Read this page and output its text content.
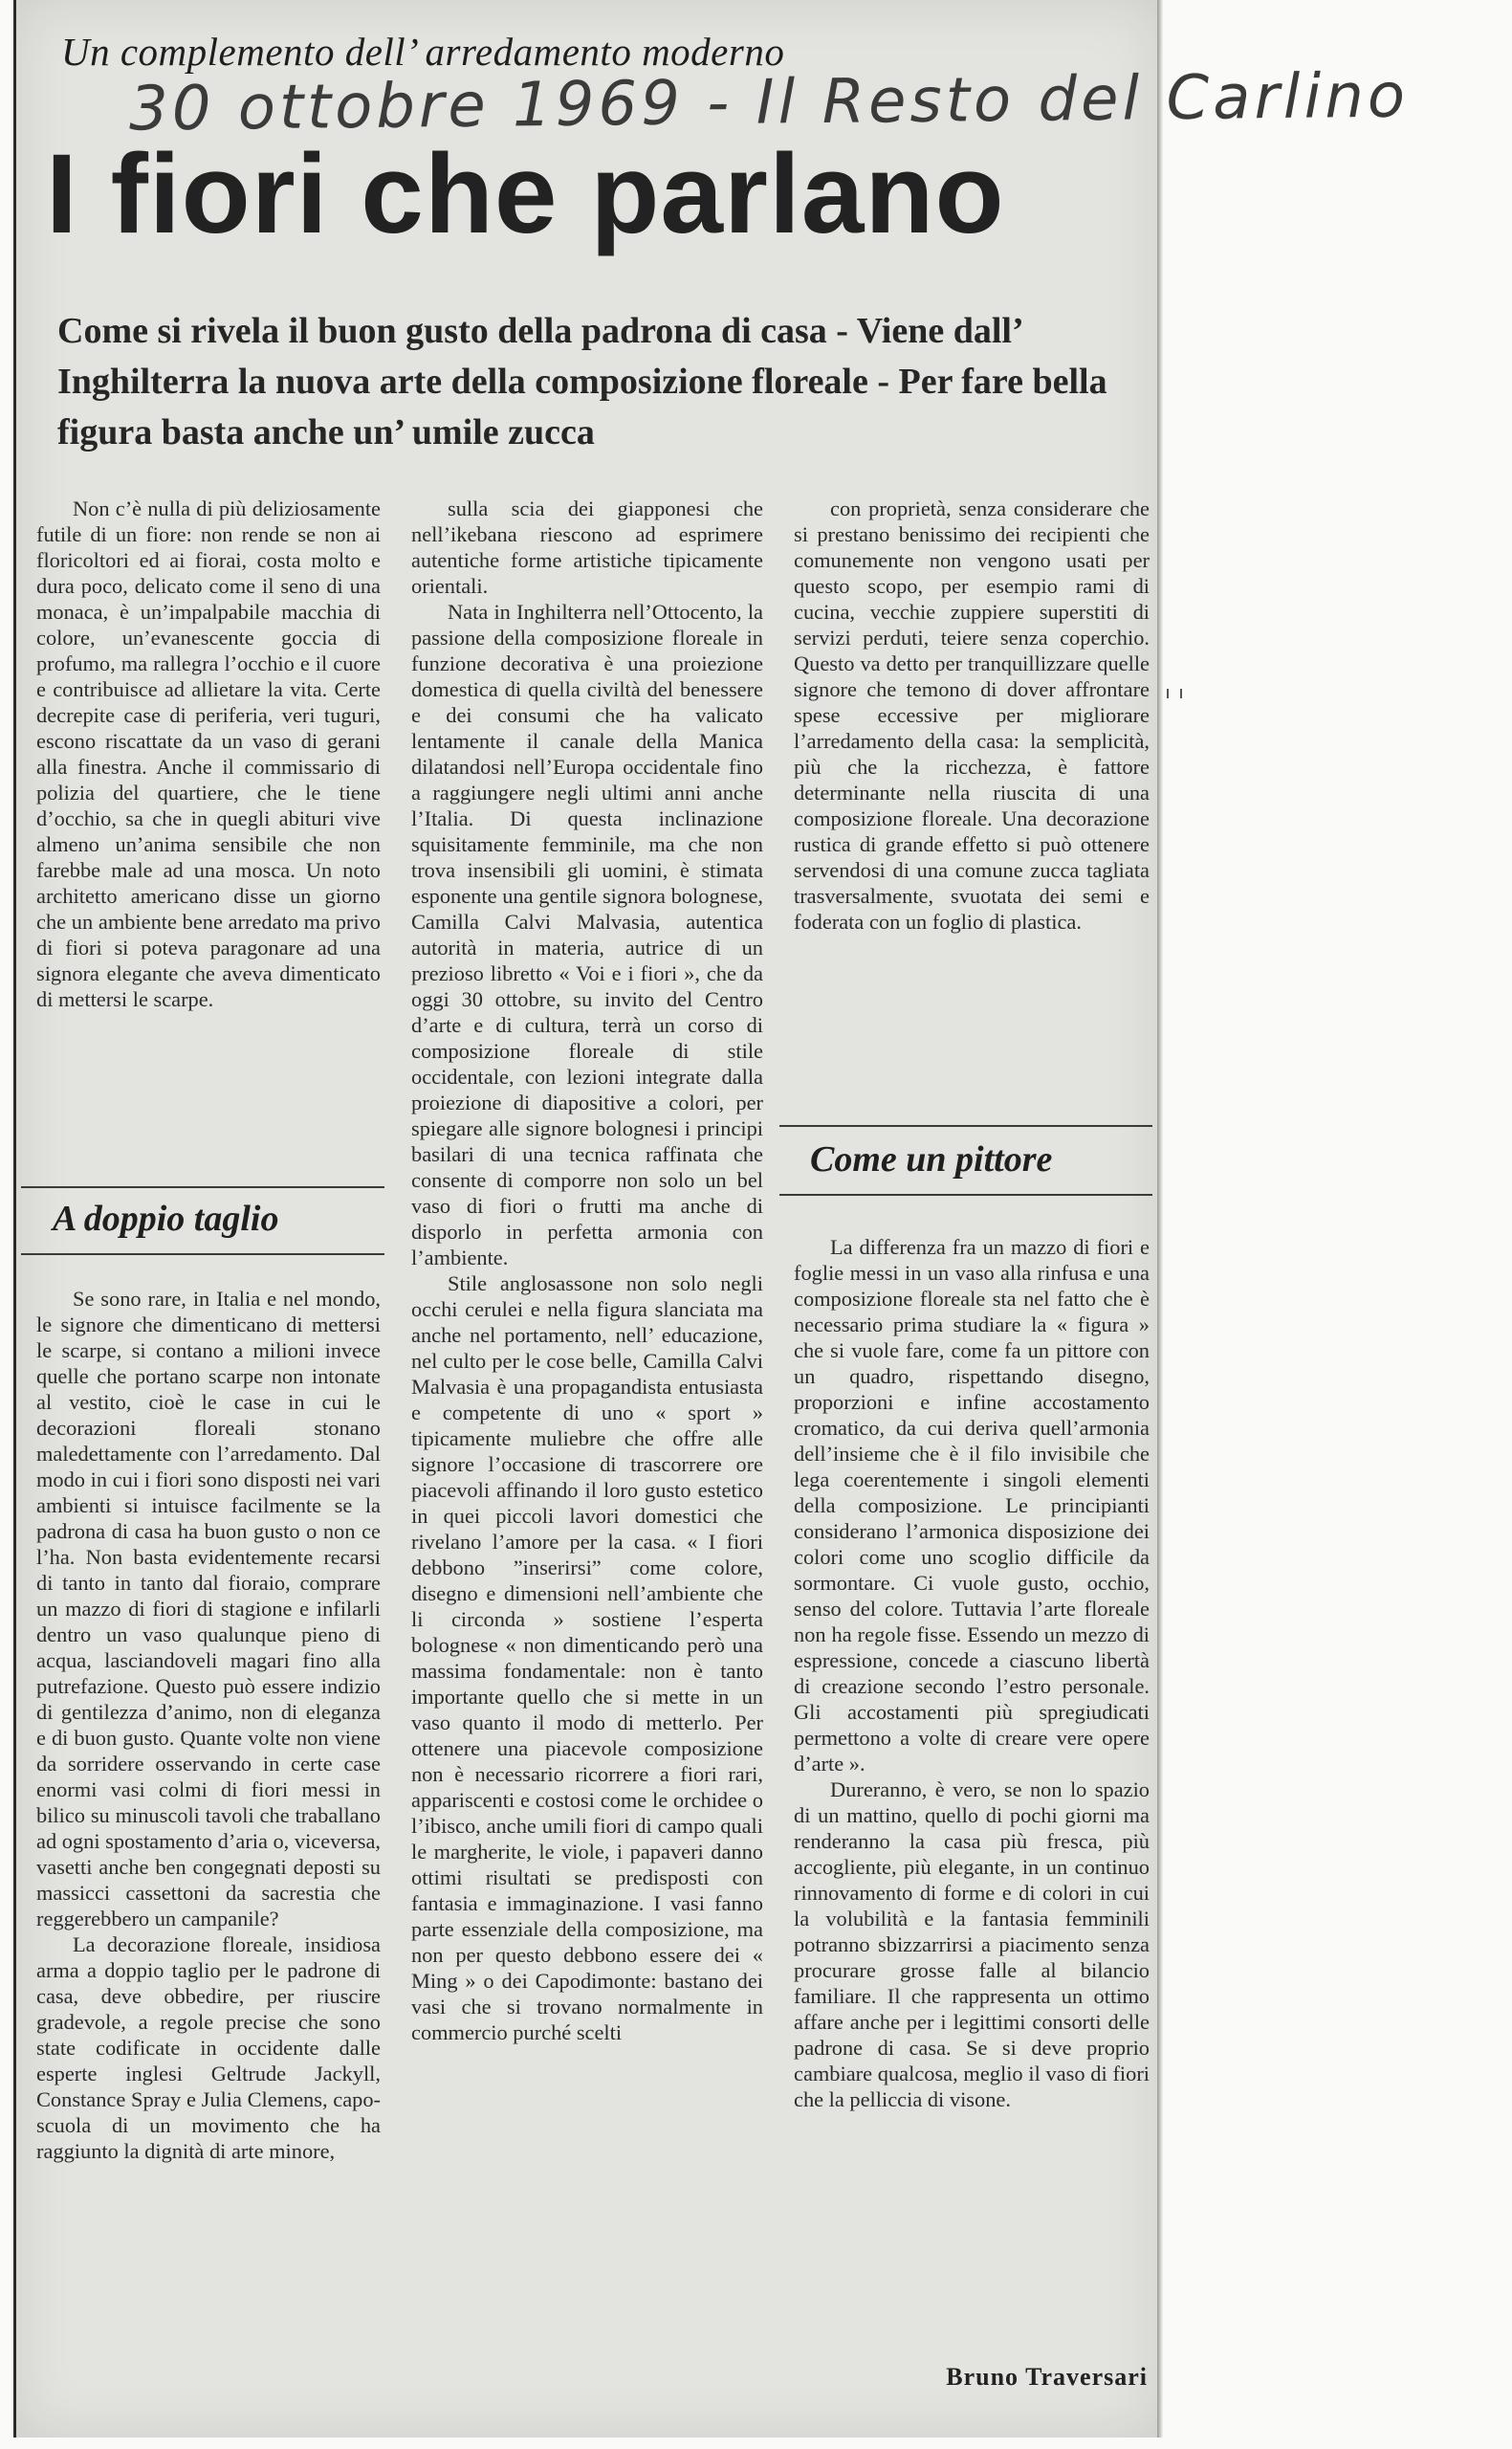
Un complemento dell’ arredamento moderno
30 ottobre 1969 - Il Resto del Carlino
I fiori che parlano
Come si rivela il buon gusto della padrona di casa - Viene dall’ Inghilterra la nuova arte della composizione floreale - Per fare bella figura basta anche un’ umile zucca

Non c’è nulla di più deliziosamente futile di un fiore: non rende se non ai floricoltori ed ai fiorai, costa molto e dura poco, delicato come il seno di una monaca, è un’impalpabile macchia di colore, un’evanescente goccia di profumo, ma rallegra l’occhio e il cuore e contribuisce ad allietare la vita. Certe decrepite case di periferia, veri tuguri, escono riscattate da un vaso di gerani alla finestra. Anche il commissario di polizia del quartiere, che le tiene d’occhio, sa che in quegli abituri vive almeno un’anima sensibile che non farebbe male ad una mosca. Un noto architetto americano disse un giorno che un ambiente bene arredato ma privo di fiori si poteva paragonare ad una signora elegante che aveva dimenticato di mettersi le scarpe.

A doppio taglio

Se sono rare, in Italia e nel mondo, le signore che dimenticano di mettersi le scarpe, si contano a milioni invece quelle che portano scarpe non intonate al vestito, cioè le case in cui le decorazioni floreali stonano maledettamente con l’arredamento. Dal modo in cui i fiori sono disposti nei vari ambienti si intuisce facilmente se la padrona di casa ha buon gusto o non ce l’ha. Non basta evidentemente recarsi di tanto in tanto dal fioraio, comprare un mazzo di fiori di stagione e infilarli dentro un vaso qualunque pieno di acqua, lasciandoveli magari fino alla putrefazione. Questo può essere indizio di gentilezza d’animo, non di eleganza e di buon gusto. Quante volte non viene da sorridere osservando in certe case enormi vasi colmi di fiori messi in bilico su minuscoli tavoli che traballano ad ogni spostamento d’aria o, viceversa, vasetti anche ben congegnati deposti su massicci cassettoni da sacrestia che reggerebbero un campanile?

La decorazione floreale, insidiosa arma a doppio taglio per le padrone di casa, deve obbedire, per riuscire gradevole, a regole precise che sono state codificate in occidente dalle esperte inglesi Geltrude Jackyll, Constance Spray e Julia Clemens, capo-scuola di un movimento che ha raggiunto la dignità di arte minore,

sulla scia dei giapponesi che nell’ikebana riescono ad esprimere autentiche forme artistiche tipicamente orientali.

Nata in Inghilterra nell’Ottocento, la passione della composizione floreale in funzione decorativa è una proiezione domestica di quella civiltà del benessere e dei consumi che ha valicato lentamente il canale della Manica dilatandosi nell’Europa occidentale fino a raggiungere negli ultimi anni anche l’Italia. Di questa inclinazione squisitamente femminile, ma che non trova insensibili gli uomini, è stimata esponente una gentile signora bolognese, Camilla Calvi Malvasia, autentica autorità in materia, autrice di un prezioso libretto « Voi e i fiori », che da oggi 30 ottobre, su invito del Centro d’arte e di cultura, terrà un corso di composizione floreale di stile occidentale, con lezioni integrate dalla proiezione di diapositive a colori, per spiegare alle signore bolognesi i principi basilari di una tecnica raffinata che consente di comporre non solo un bel vaso di fiori o frutti ma anche di disporlo in perfetta armonia con l’ambiente.

Stile anglosassone non solo negli occhi cerulei e nella figura slanciata ma anche nel portamento, nell’ educazione, nel culto per le cose belle, Camilla Calvi Malvasia è una propagandista entusiasta e competente di uno « sport » tipicamente muliebre che offre alle signore l’occasione di trascorrere ore piacevoli affinando il loro gusto estetico in quei piccoli lavori domestici che rivelano l’amore per la casa. « I fiori debbono ”inserirsi” come colore, disegno e dimensioni nell’ambiente che li circonda » sostiene l’esperta bolognese « non dimenticando però una massima fondamentale: non è tanto importante quello che si mette in un vaso quanto il modo di metterlo. Per ottenere una piacevole composizione non è necessario ricorrere a fiori rari, appariscenti e costosi come le orchidee o l’ibisco, anche umili fiori di campo quali le margherite, le viole, i papaveri danno ottimi risultati se predisposti con fantasia e immaginazione. I vasi fanno parte essenziale della composizione, ma non per questo debbono essere dei « Ming » o dei Capodimonte: bastano dei vasi che si trovano normalmente in commercio purché scelti

con proprietà, senza considerare che si prestano benissimo dei recipienti che comunemente non vengono usati per questo scopo, per esempio rami di cucina, vecchie zuppiere superstiti di servizi perduti, teiere senza coperchio. Questo va detto per tranquillizzare quelle signore che temono di dover affrontare spese eccessive per migliorare l’arredamento della casa: la semplicità, più che la ricchezza, è fattore determinante nella riuscita di una composizione floreale. Una decorazione rustica di grande effetto si può ottenere servendosi di una comune zucca tagliata trasversalmente, svuotata dei semi e foderata con un foglio di plastica.

Come un pittore

La differenza fra un mazzo di fiori e foglie messi in un vaso alla rinfusa e una composizione floreale sta nel fatto che è necessario prima studiare la « figura » che si vuole fare, come fa un pittore con un quadro, rispettando disegno, proporzioni e infine accostamento cromatico, da cui deriva quell’armonia dell’insieme che è il filo invisibile che lega coerentemente i singoli elementi della composizione. Le principianti considerano l’armonica disposizione dei colori come uno scoglio difficile da sormontare. Ci vuole gusto, occhio, senso del colore. Tuttavia l’arte floreale non ha regole fisse. Essendo un mezzo di espressione, concede a ciascuno libertà di creazione secondo l’estro personale. Gli accostamenti più spregiudicati permettono a volte di creare vere opere d’arte ».

Dureranno, è vero, se non lo spazio di un mattino, quello di pochi giorni ma renderanno la casa più fresca, più accogliente, più elegante, in un continuo rinnovamento di forme e di colori in cui la volubilità e la fantasia femminili potranno sbizzarrirsi a piacimento senza procurare grosse falle al bilancio familiare. Il che rappresenta un ottimo affare anche per i legittimi consorti delle padrone di casa. Se si deve proprio cambiare qualcosa, meglio il vaso di fiori che la pelliccia di visone.

Bruno Traversari
